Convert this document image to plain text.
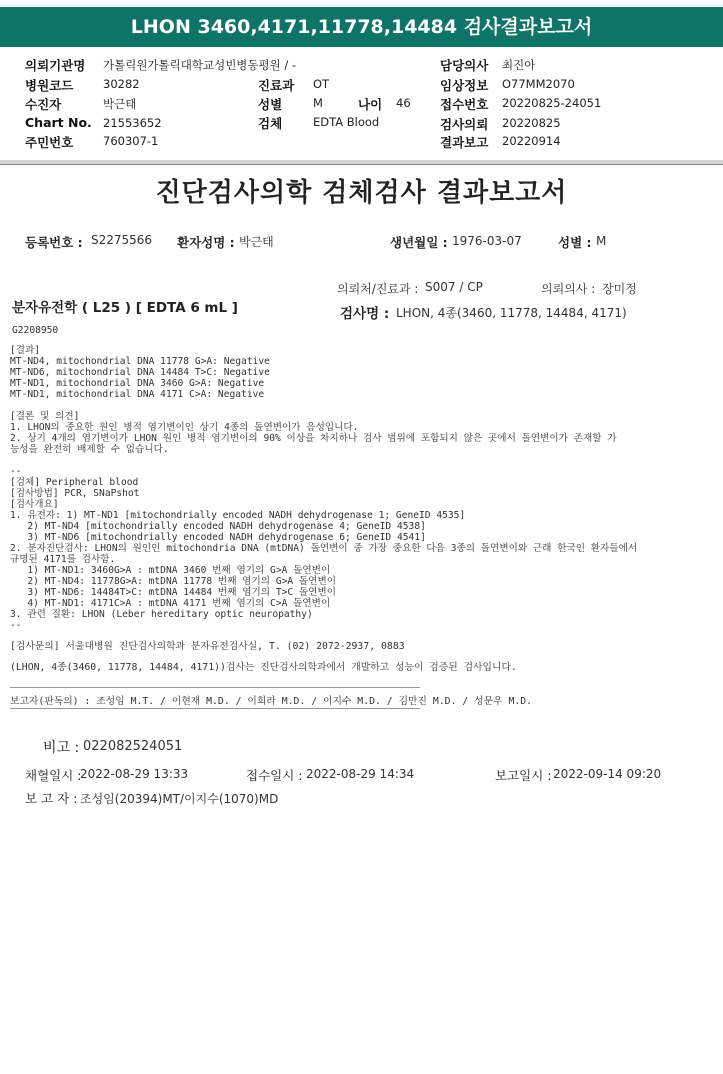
LHON 3460,4171,11778,14484 검사결과보고서
의뢰기관명 가톨릭원가톨릭대학교성빈병동평원 / -	담당의사 최진아
병원코드	30282	진료과 OT	임상정보 O77MM2070
수진자	박근태	성별	M	나이 46 접수번호 20220825-24051
Chart No. 21553652	검체	EDTA Blood	검사의뢰 20220825
주민번호	760307-1	결과보고 20220914
진단검사의학 검체검사 결과보고서
등록번호 : S2275566 환자성명 : 박근태	생년월일 : 1976-03-07	성별 : M
의뢰처/진료과 : S007 / CP	의뢰의사 : 장미정
분자유전학 ( L25 ) [ EDTA 6 mL ]	검사명 : LHON, 4종(3460, 11778, 14484, 4171)
G2208950
[결과]
MT-ND4, mitochondrial DNA 11778 G>A: Negative
MT-ND6, mitochondrial DNA 14484 T>C: Negative
MT-ND1, mitochondrial DNA 3460 G>A: Negative
MT-ND1, mitochondrial DNA 4171 C>A: Negative

[결론 및 의견]
1. LHON의 중요한 원인 병적 염기변이인 상기 4종의 돌연변이가 음성입니다.
2. 상기 4개의 염기변이가 LHON 원인 병적 염기변이의 90% 이상을 차지하나 검사 범위에 포함되지 않은 곳에서 돌연변이가 존재할 가
능성을 완전히 배제할 수 없습니다.

--
[검체] Peripheral blood
[검사방법] PCR, SNaPshot
[검사개요]
1. 유전자: 1) MT-ND1 [mitochondrially encoded NADH dehydrogenase 1; GeneID 4535]
2) MT-ND4 [mitochondrially encoded NADH dehydrogenase 4; GeneID 4538]
3) MT-ND6 [mitochondrially encoded NADH dehydrogenase 6; GeneID 4541]
2. 분자진단검사: LHON의 원인인 mitochondria DNA (mtDNA) 돌연변이 중 가장 중요한 다음 3종의 돌연변이와 근래 한국인 환자들에서
규명된 4171를 검사함.
1) MT-ND1: 3460G>A : mtDNA 3460 번째 염기의 G>A 돌연변이
2) MT-ND4: 11778G>A: mtDNA 11778 번째 염기의 G>A 돌연변이
3) MT-ND6: 14484T>C: mtDNA 14484 번째 염기의 T>C 돌연변이
4) MT-ND1: 4171C>A : mtDNA 4171 번째 염기의 C>A 돌연변이
3. 관련 질환: LHON (Leber hereditary optic neuropathy)
--
[검사문의] 서울대병원 진단검사의학과 분자유전검사실, T. (02) 2072-2937, 0883
(LHON, 4종(3460, 11778, 14484, 4171))검사는 진단검사의학과에서 개발하고 성능이 검증된 검사입니다.
보고자(판독의) : 조성임 M.T. / 이현재 M.D. / 이희라 M.D. / 이지수 M.D. / 김만진 M.D. / 성문우 M.D.
비고 : 022082524051
채혈일시 :
2022-08-29 13:33	접수일시 : 2022-08-29 14:34	보고일시 : 2022-09-14 09:20
보 고 자 : 조성임(20394)MT/이지수(1070)MD
